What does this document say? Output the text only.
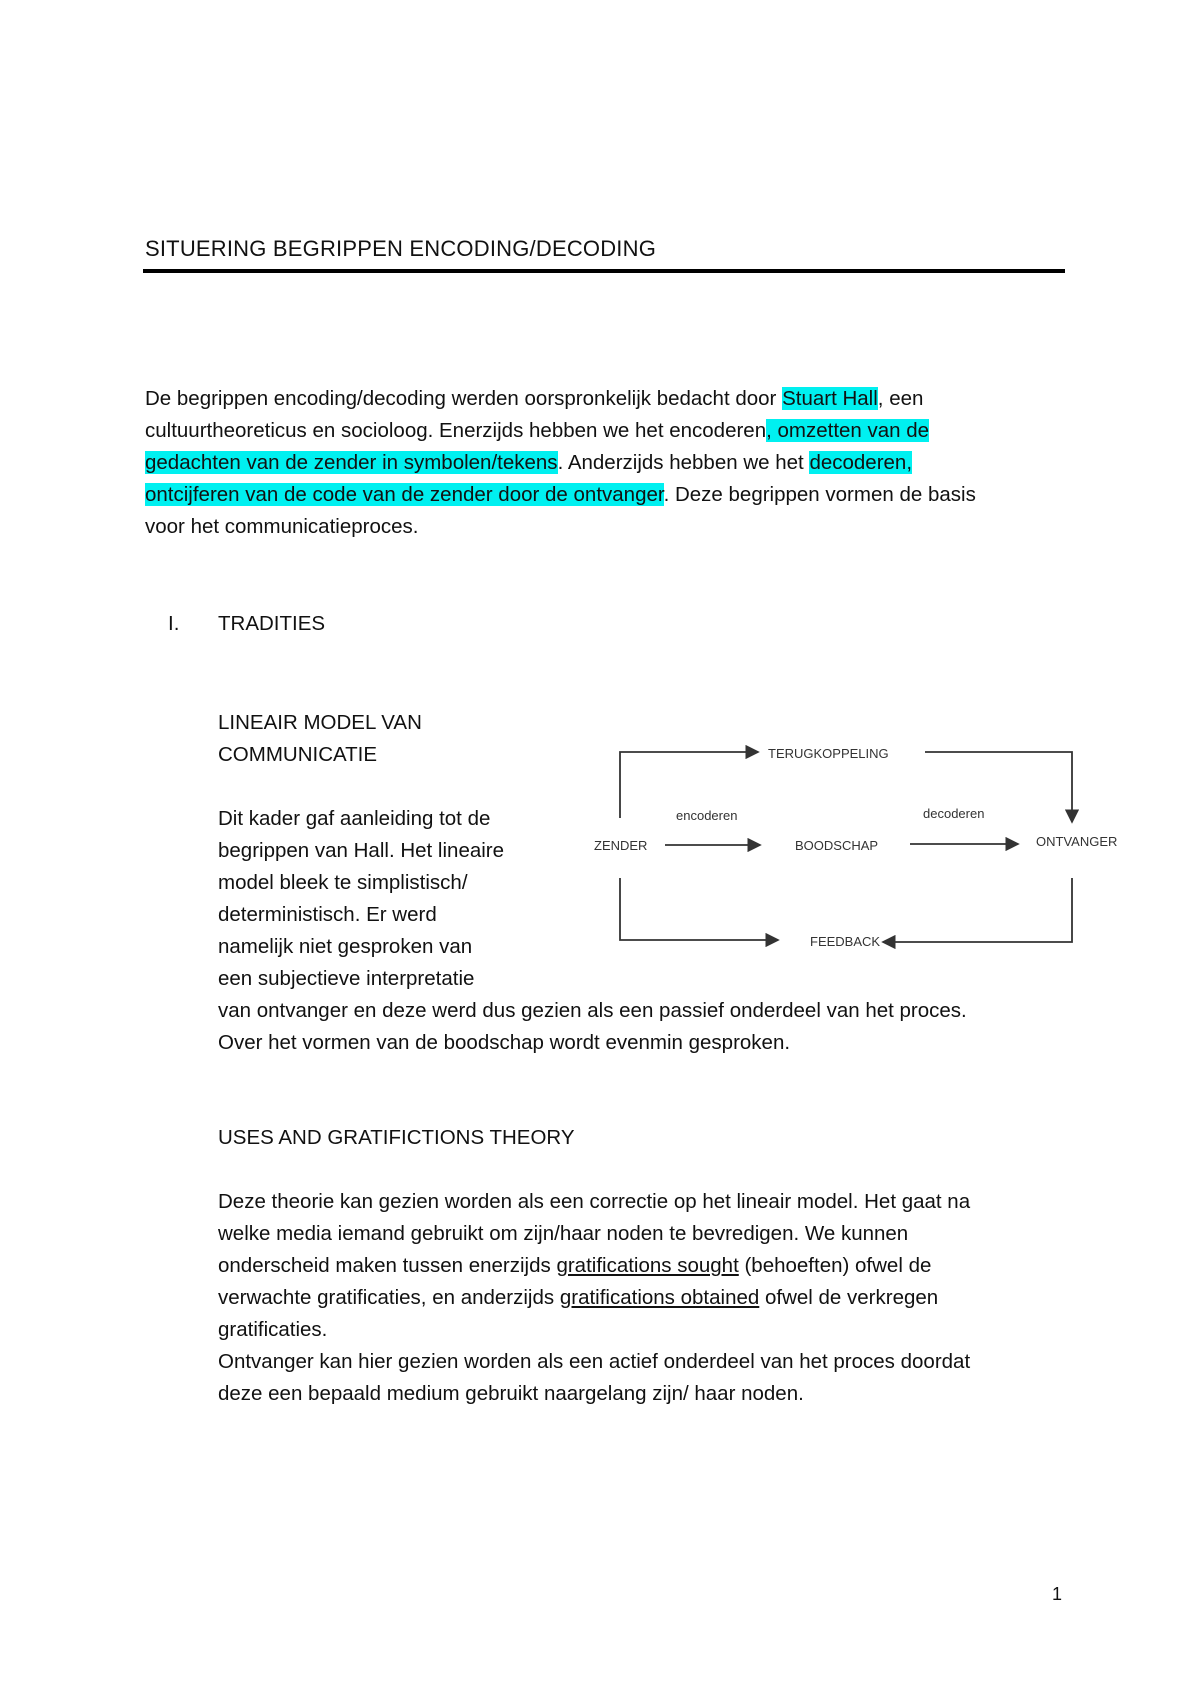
SITUERING BEGRIPPEN ENCODING/DECODING
De begrippen encoding/decoding werden oorspronkelijk bedacht door Stuart Hall, een
cultuurtheoreticus en socioloog. Enerzijds hebben we het encoderen, omzetten van de
gedachten van de zender in symbolen/tekens. Anderzijds hebben we het decoderen,
ontcijferen van de code van de zender door de ontvanger. Deze begrippen vormen de basis
voor het communicatieproces.
I. TRADITIES
LINEAIR MODEL VAN
COMMUNICATIE
Dit kader gaf aanleiding tot de
begrippen van Hall. Het lineaire
model bleek te simplistisch/
deterministisch. Er werd
namelijk niet gesproken van
een subjectieve interpretatie
van ontvanger en deze werd dus gezien als een passief onderdeel van het proces.
Over het vormen van de boodschap wordt evenmin gesproken.
TERUGKOPPELING
encoderen	decoderen
ZENDER	BOODSCHAP	ONTVANGER
FEEDBACK
USES AND GRATIFICTIONS THEORY
Deze theorie kan gezien worden als een correctie op het lineair model. Het gaat na
welke media iemand gebruikt om zijn/haar noden te bevredigen. We kunnen
onderscheid maken tussen enerzijds gratifications sought (behoeften) ofwel de
verwachte gratificaties, en anderzijds gratifications obtained ofwel de verkregen
gratificaties.
Ontvanger kan hier gezien worden als een actief onderdeel van het proces doordat
deze een bepaald medium gebruikt naargelang zijn/ haar noden.
1
